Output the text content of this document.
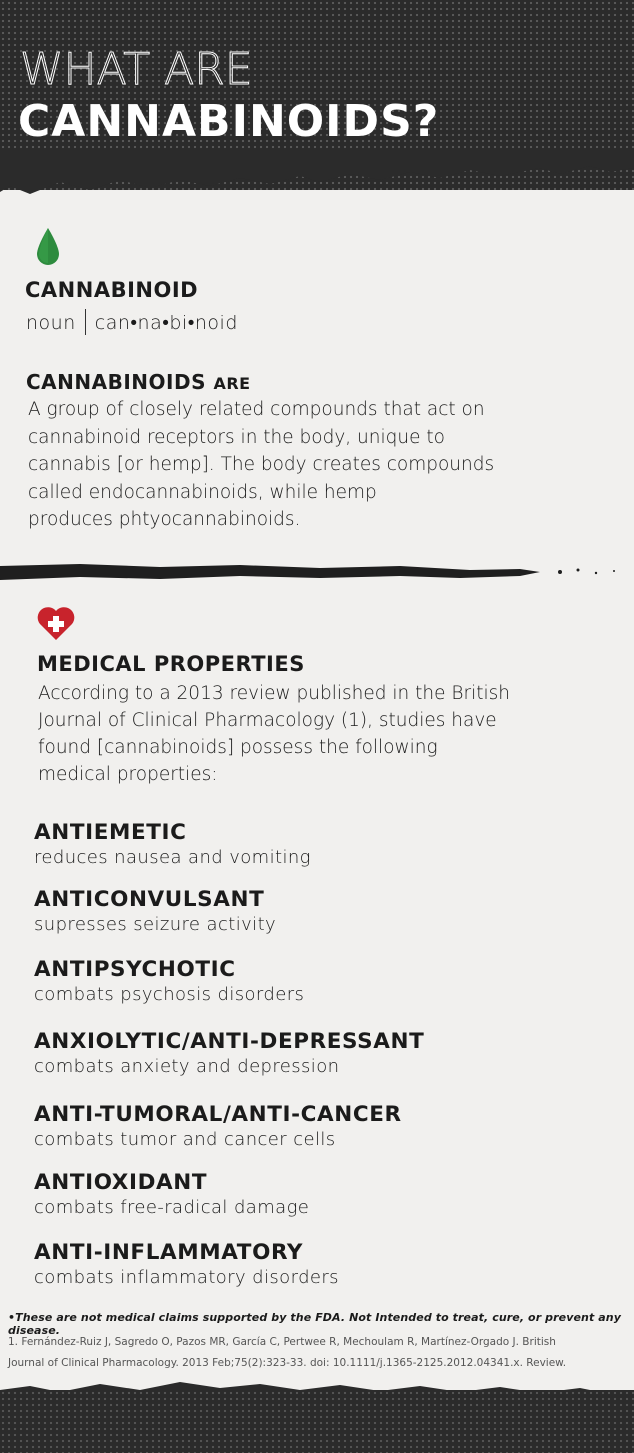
WHAT ARE
CANNABINOIDS?
CANNABINOID
noun can•na•bi•noid
CANNABINOIDS ARE
A group of closely related compounds that act on
cannabinoid receptors in the body, unique to
cannabis [or hemp]. The body creates compounds
called endocannabinoids, while hemp
produces phtyocannabinoids.
MEDICAL PROPERTIES
According to a 2013 review published in the British
Journal of Clinical Pharmacology (1), studies have
found [cannabinoids] possess the following
medical properties:
ANTIEMETIC
reduces nausea and vomiting
ANTICONVULSANT
supresses seizure activity
ANTIPSYCHOTIC
combats psychosis disorders
ANXIOLYTIC/ANTI-DEPRESSANT
combats anxiety and depression
ANTI-TUMORAL/ANTI-CANCER
combats tumor and cancer cells
ANTIOXIDANT
combats free-radical damage
ANTI-INFLAMMATORY
combats inflammatory disorders
•These are not medical claims supported by the FDA. Not Intended to treat, cure, or prevent any disease.
1. Fernández-Ruiz J, Sagredo O, Pazos MR, García C, Pertwee R, Mechoulam R, Martínez-Orgado J. British
Journal of Clinical Pharmacology. 2013 Feb;75(2):323-33. doi: 10.1111/j.1365-2125.2012.04341.x. Review.
